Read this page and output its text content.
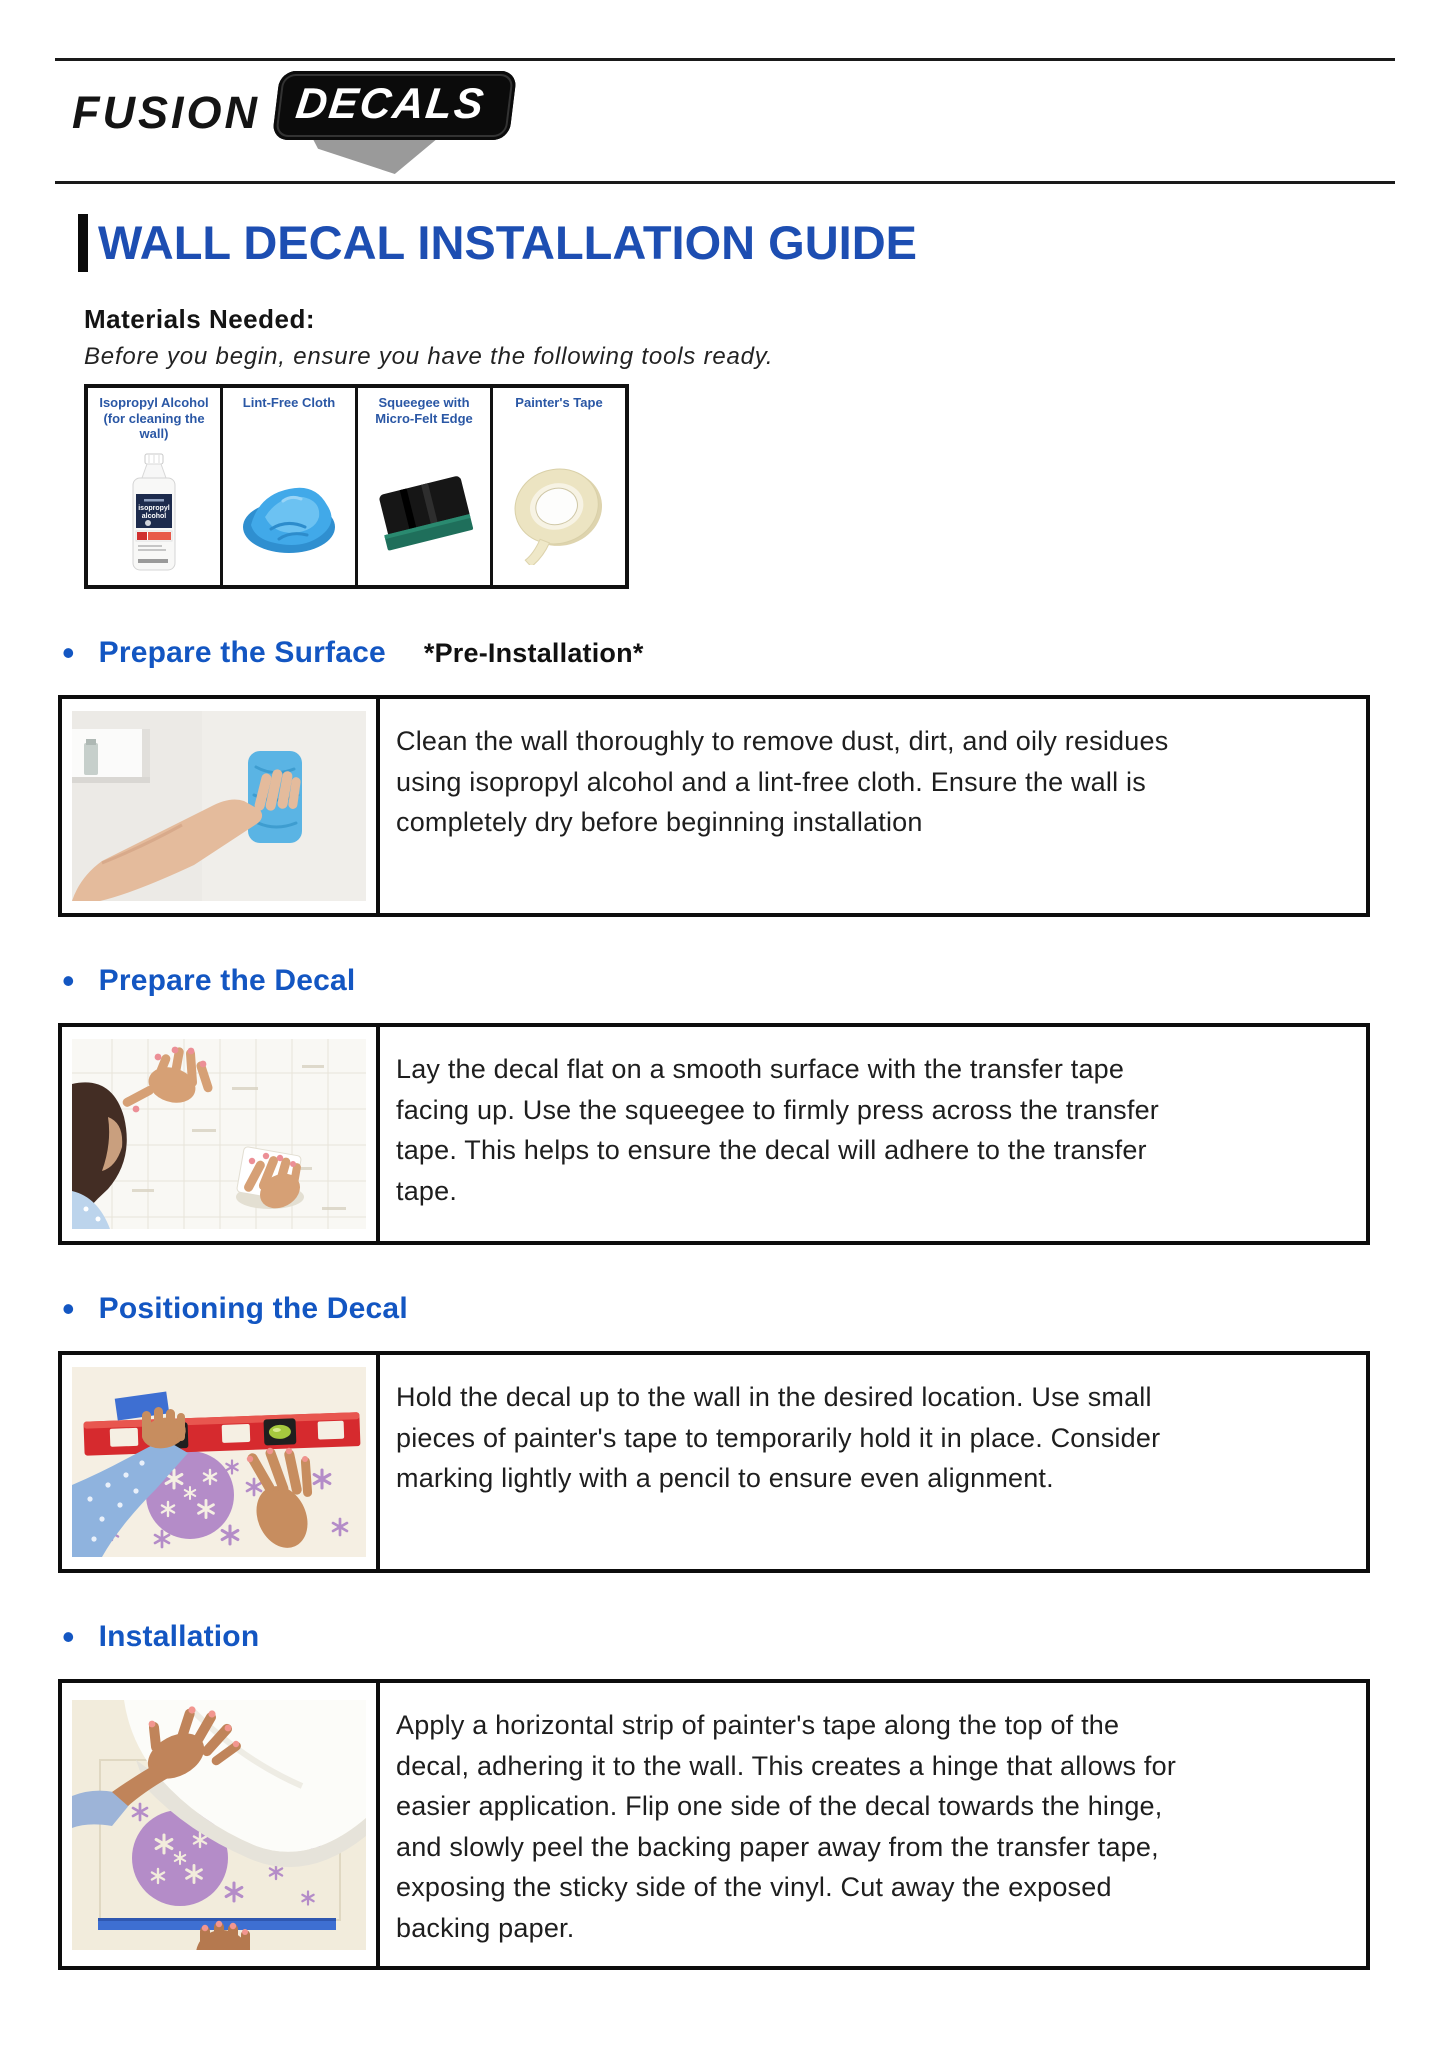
FUSION DECALS
WALL DECAL INSTALLATION GUIDE
Materials Needed:
Before you begin, ensure you have the following tools ready.
Isopropyl Alcohol (for cleaning the wall)
isopropyl
alcohol
Lint-Free Cloth	Squeegee with Micro-Felt Edge
Painter's Tape
• Prepare the Surface *Pre-Installation*

Clean the wall thoroughly to remove dust, dirt, and oily residues using isopropyl alcohol and a lint-free cloth. Ensure the wall is completely dry before beginning installation

• Prepare the Decal

Lay the decal flat on a smooth surface with the transfer tape facing up. Use the squeegee to firmly press across the transfer tape. This helps to ensure the decal will adhere to the transfer tape.

• Positioning the Decal

Hold the decal up to the wall in the desired location. Use small pieces of painter's tape to temporarily hold it in place. Consider marking lightly with a pencil to ensure even alignment.

• Installation

Apply a horizontal strip of painter's tape along the top of the decal, adhering it to the wall. This creates a hinge that allows for easier application. Flip one side of the decal towards the hinge, and slowly peel the backing paper away from the transfer tape, exposing the sticky side of the vinyl. Cut away the exposed backing paper.
